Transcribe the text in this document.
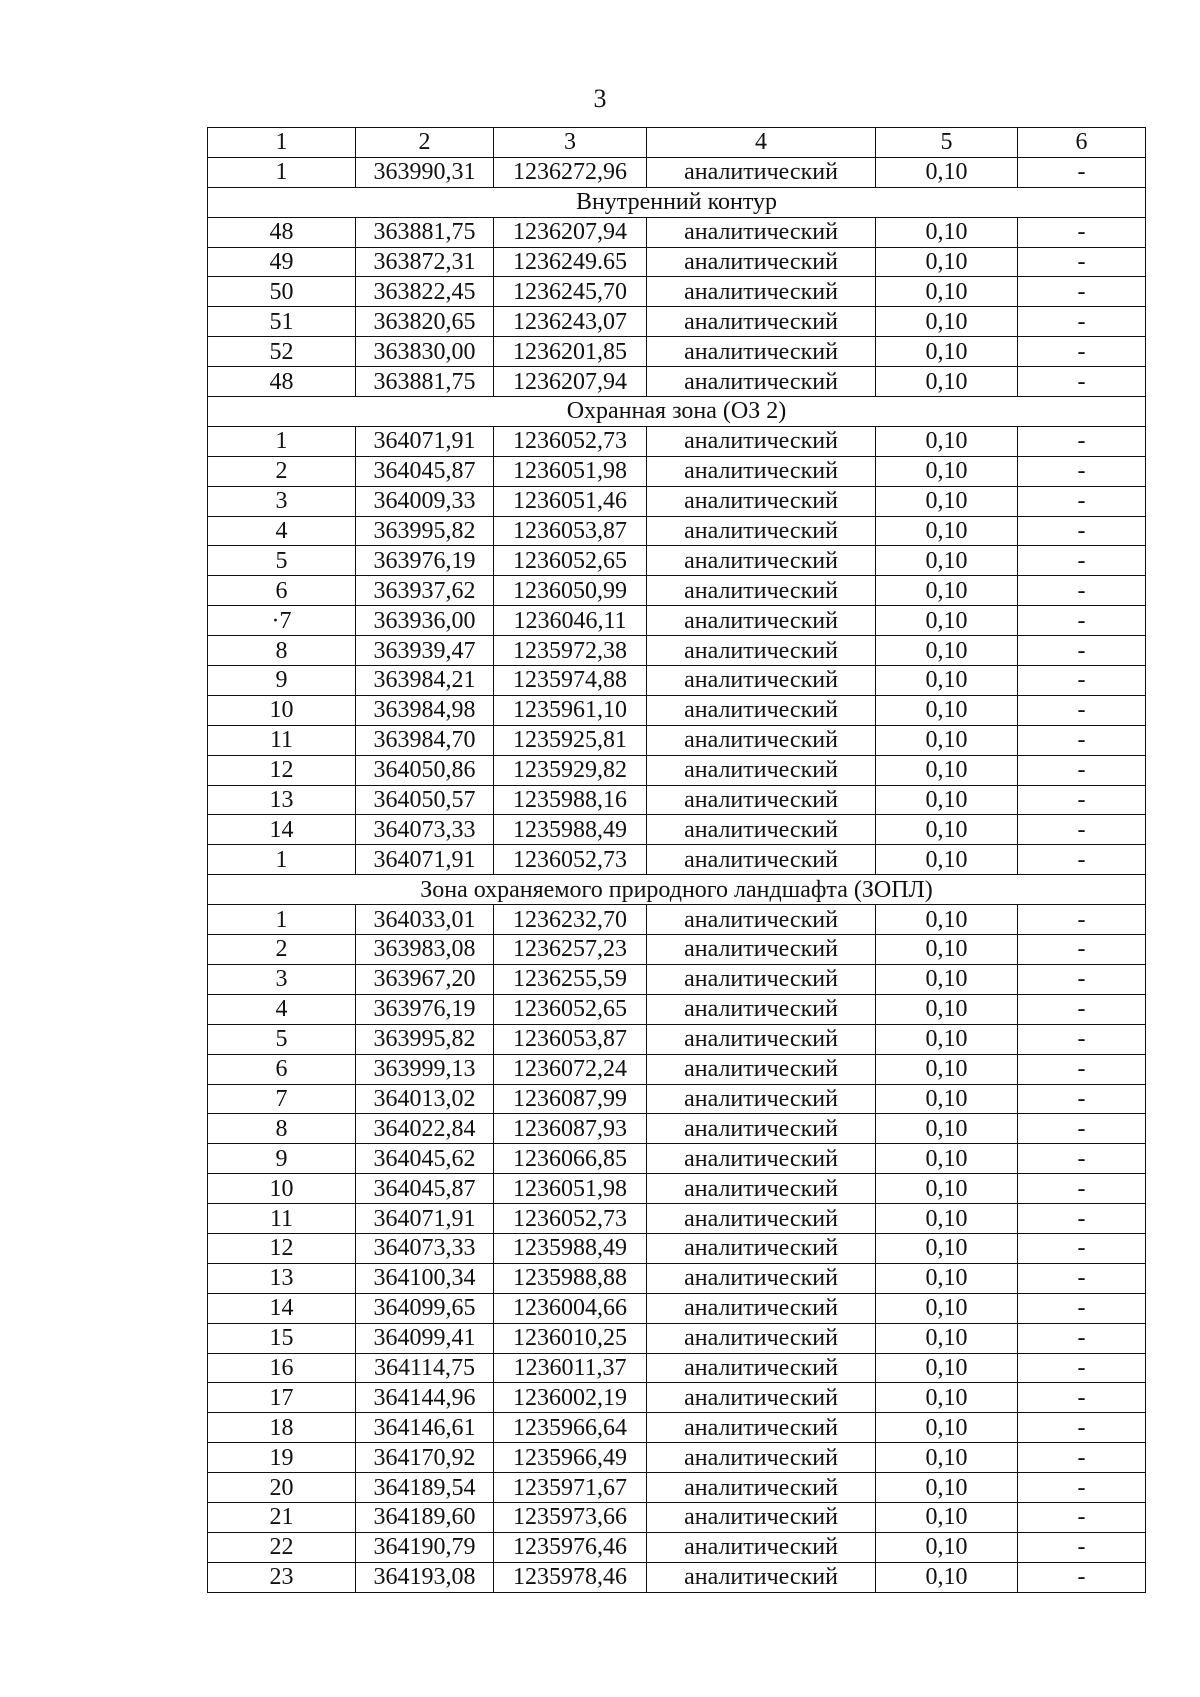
3
1	2	3	4	5	6
1	363990,31	1236272,96	аналитический	0,10	-
Внутренний контур					
48	363881,75	1236207,94	аналитический	0,10	-
49	363872,31	1236249.65	аналитический	0,10	-
50	363822,45	1236245,70	аналитический	0,10	-
51	363820,65	1236243,07	аналитический	0,10	-
52	363830,00	1236201,85	аналитический	0,10	-
48	363881,75	1236207,94	аналитический	0,10	-
Охранная зона (ОЗ 2)					
1	364071,91	1236052,73	аналитический	0,10	-
2	364045,87	1236051,98	аналитический	0,10	-
3	364009,33	1236051,46	аналитический	0,10	-
4	363995,82	1236053,87	аналитический	0,10	-
5	363976,19	1236052,65	аналитический	0,10	-
6	363937,62	1236050,99	аналитический	0,10	-
·7	363936,00	1236046,11	аналитический	0,10	-
8	363939,47	1235972,38	аналитический	0,10	-
9	363984,21	1235974,88	аналитический	0,10	-
10	363984,98	1235961,10	аналитический	0,10	-
11	363984,70	1235925,81	аналитический	0,10	-
12	364050,86	1235929,82	аналитический	0,10	-
13	364050,57	1235988,16	аналитический	0,10	-
14	364073,33	1235988,49	аналитический	0,10	-
1	364071,91	1236052,73	аналитический	0,10	-
Зона охраняемого природного ландшафта (ЗОПЛ)					
1	364033,01	1236232,70	аналитический	0,10	-
2	363983,08	1236257,23	аналитический	0,10	-
3	363967,20	1236255,59	аналитический	0,10	-
4	363976,19	1236052,65	аналитический	0,10	-
5	363995,82	1236053,87	аналитический	0,10	-
6	363999,13	1236072,24	аналитический	0,10	-
7	364013,02	1236087,99	аналитический	0,10	-
8	364022,84	1236087,93	аналитический	0,10	-
9	364045,62	1236066,85	аналитический	0,10	-
10	364045,87	1236051,98	аналитический	0,10	-
11	364071,91	1236052,73	аналитический	0,10	-
12	364073,33	1235988,49	аналитический	0,10	-
13	364100,34	1235988,88	аналитический	0,10	-
14	364099,65	1236004,66	аналитический	0,10	-
15	364099,41	1236010,25	аналитический	0,10	-
16	364114,75	1236011,37	аналитический	0,10	-
17	364144,96	1236002,19	аналитический	0,10	-
18	364146,61	1235966,64	аналитический	0,10	-
19	364170,92	1235966,49	аналитический	0,10	-
20	364189,54	1235971,67	аналитический	0,10	-
21	364189,60	1235973,66	аналитический	0,10	-
22	364190,79	1235976,46	аналитический	0,10	-
23	364193,08	1235978,46	аналитический	0,10	-
